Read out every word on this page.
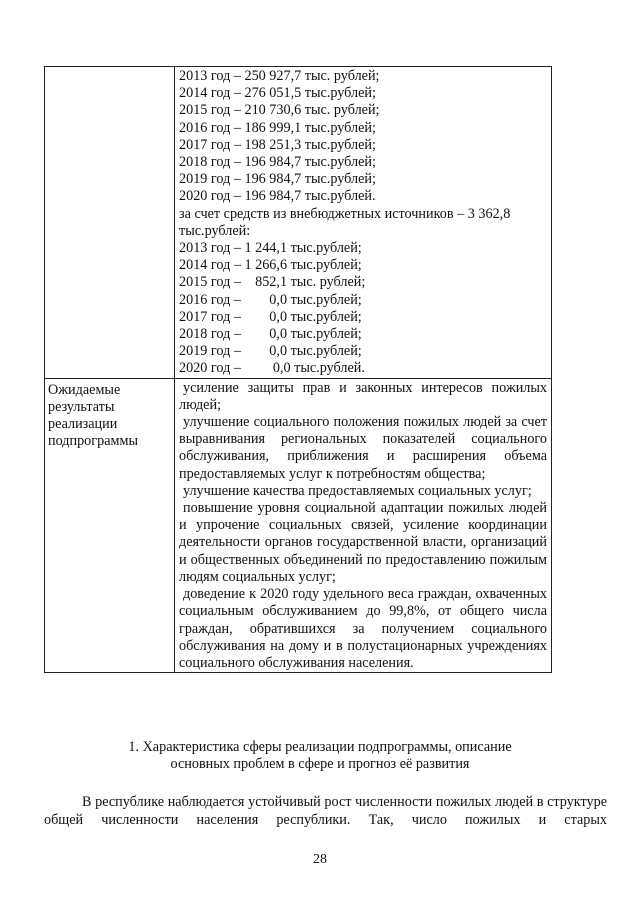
2013 год – 250 927,7 тыс. рублей;
2014 год – 276 051,5 тыс.рублей;
2015 год – 210 730,6 тыс. рублей;
2016 год – 186 999,1 тыс.рублей;
2017 год – 198 251,3 тыс.рублей;
2018 год – 196 984,7 тыс.рублей;
2019 год – 196 984,7 тыс.рублей;
2020 год – 196 984,7 тыс.рублей.
за счет средств из внебюджетных источников – 3 362,8
тыс.рублей:
2013 год – 1 244,1 тыс.рублей;
2014 год – 1 266,6 тыс.рублей;
2015 год –    852,1 тыс. рублей;
2016 год –        0,0 тыс.рублей;
2017 год –        0,0 тыс.рублей;
2018 год –        0,0 тыс.рублей;
2019 год –        0,0 тыс.рублей;
2020 год –         0,0 тыс.рублей.
Ожидаемые
результаты
реализации
подпрограммы
усиление защиты прав и законных интересов пожилых людей;
улучшение социального положения пожилых людей за счет выравнивания региональных показателей социального обслуживания, приближения и расширения объема предоставляемых услуг к потребностям общества;
улучшение качества предоставляемых социальных услуг;
повышение уровня социальной адаптации пожилых людей и упрочение социальных связей, усиление координации деятельности органов государственной власти, организаций и общественных объединений по предоставлению пожилым людям социальных услуг;
доведение к 2020 году удельного веса граждан, охваченных социальным обслуживанием до 99,8%, от общего числа граждан, обратившихся за получением социального обслуживания на дому и в полустационарных учреждениях социального обслуживания населения.
1. Характеристика сферы реализации подпрограммы, описание
основных проблем в сфере и прогноз её развития
В республике наблюдается устойчивый рост численности пожилых людей в структуре общей численности населения республики. Так, число пожилых и старых
28
